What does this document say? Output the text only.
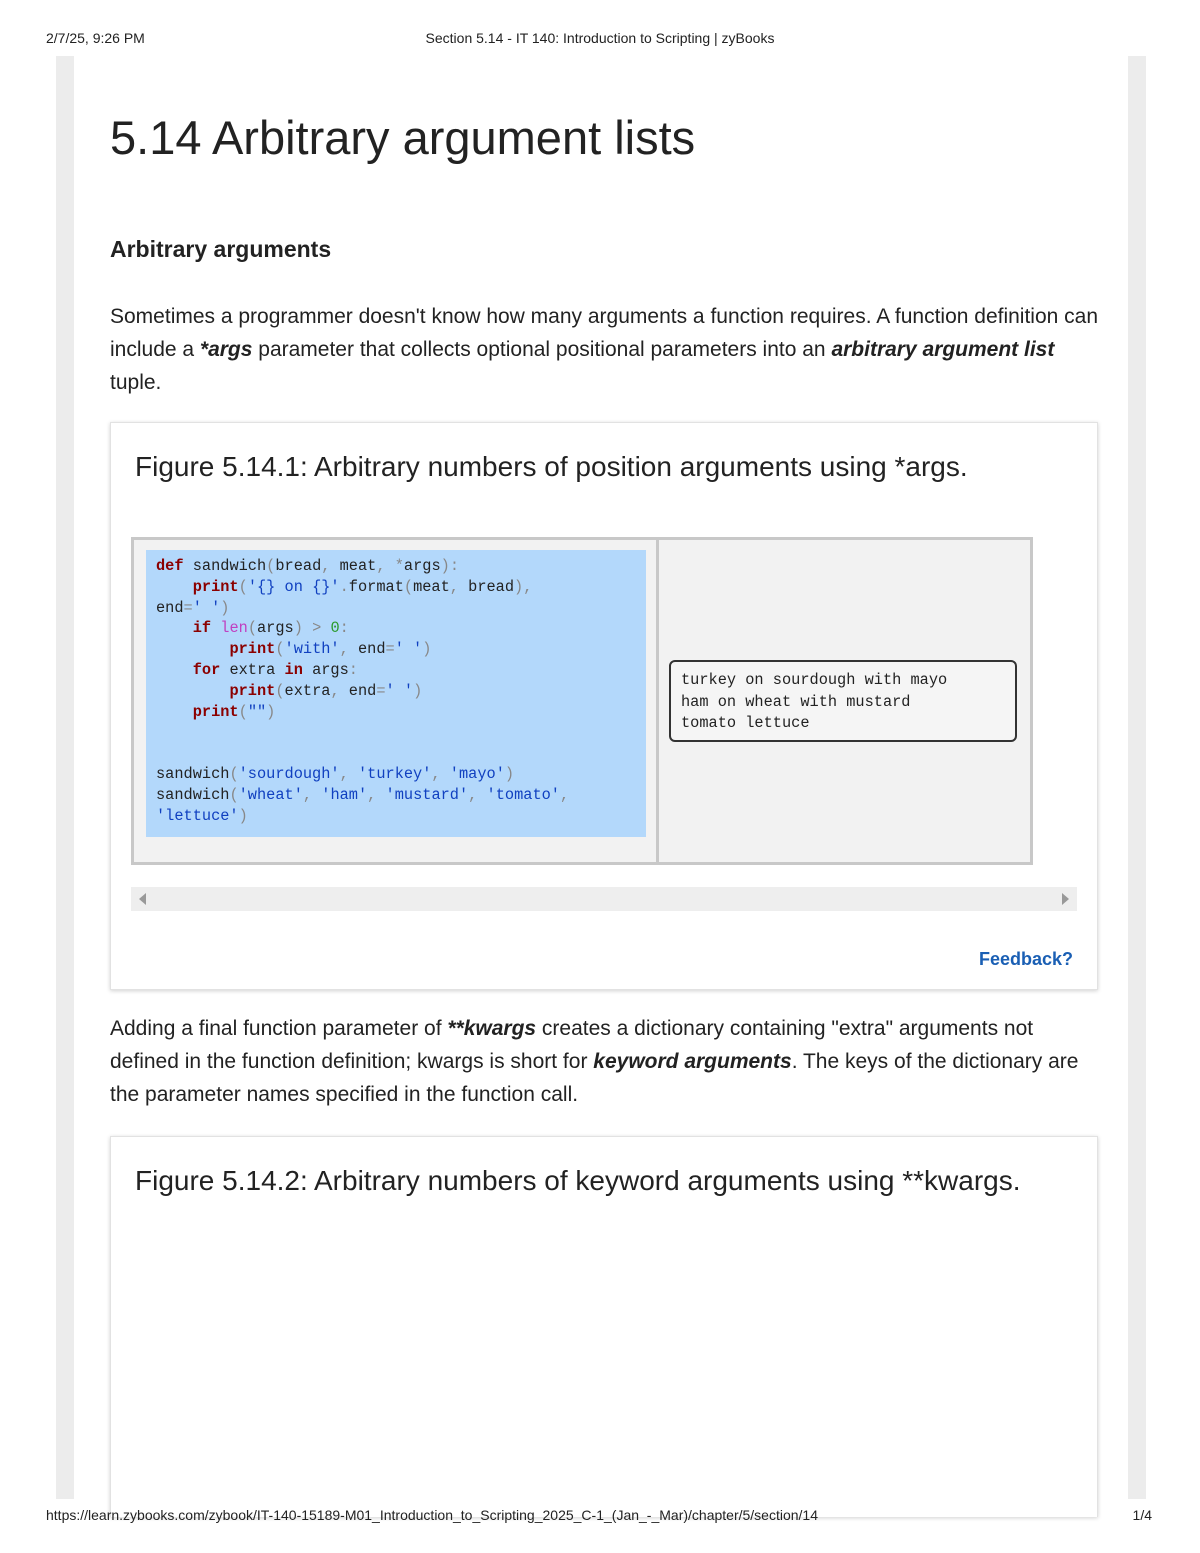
2/7/25, 9:26 PM	Section 5.14 - IT 140: Introduction to Scripting | zyBooks
5.14 Arbitrary argument lists
Arbitrary arguments

Sometimes a programmer doesn't know how many arguments a function requires. A function definition can include a *args parameter that collects optional positional parameters into an arbitrary argument list tuple.

Figure 5.14.1: Arbitrary numbers of position arguments using *args.
def sandwich(bread, meat, *args):
print('{} on {}'.format(meat, bread),
end=' ')
if len(args) > 0:
print('with', end=' ')
for extra in args:
print(extra, end=' ')
print("")

sandwich('sourdough', 'turkey', 'mayo')
sandwich('wheat', 'ham', 'mustard', 'tomato',
'lettuce')
turkey on sourdough with mayo
ham on wheat with mustard
tomato lettuce
Feedback?

Adding a final function parameter of **kwargs creates a dictionary containing "extra" arguments not defined in the function definition; kwargs is short for keyword arguments. The keys of the dictionary are the parameter names specified in the function call.

Figure 5.14.2: Arbitrary numbers of keyword arguments using **kwargs.
https://learn.zybooks.com/zybook/IT-140-15189-M01_Introduction_to_Scripting_2025_C-1_(Jan_-_Mar)/chapter/5/section/14	1/4
